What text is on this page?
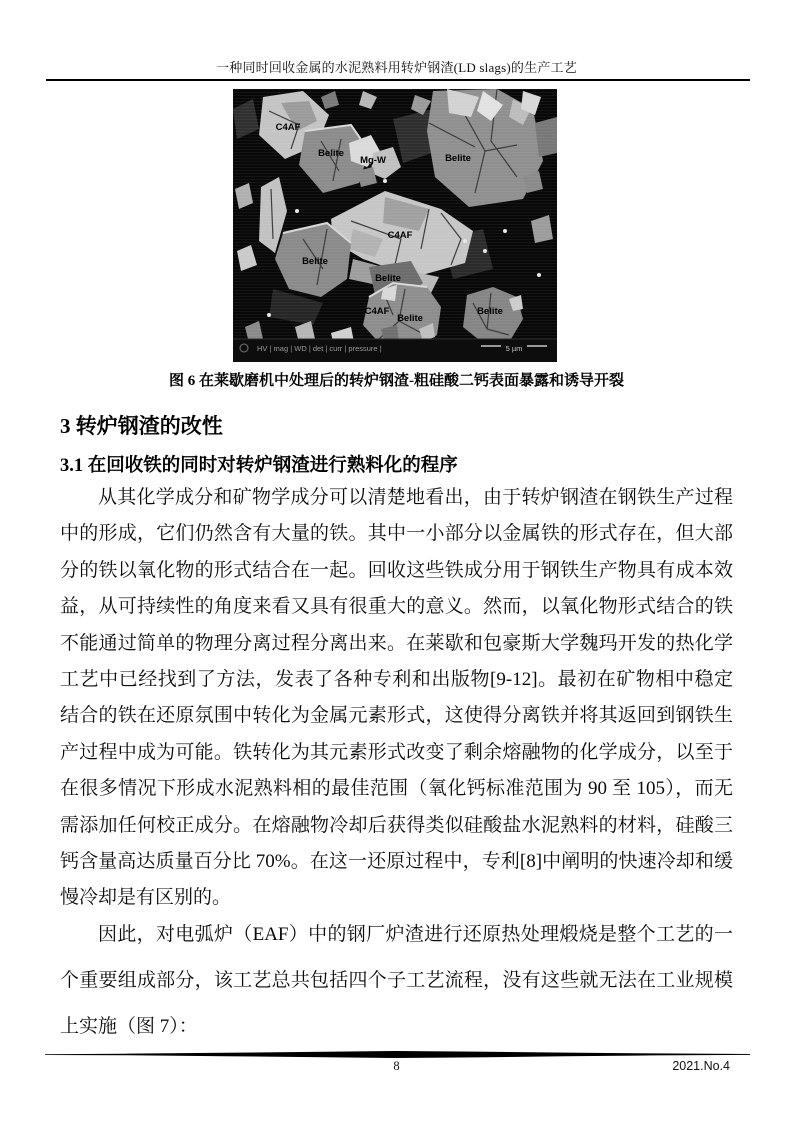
一种同时回收金属的水泥熟料用转炉钢渣(LD slags)的生产工艺
C4AF
Belite
Mg-W	Belite
C4AF
Belite
Belite
C4AF
Belite
Belite
HV | mag | WD | det | curr | pressure |	5 µm
图 6 在莱歇磨机中处理后的转炉钢渣-粗硅酸二钙表面暴露和诱导开裂
3 转炉钢渣的改性
3.1 在回收铁的同时对转炉钢渣进行熟料化的程序
从其化学成分和矿物学成分可以清楚地看出，由于转炉钢渣在钢铁生产过程中的形成，它们仍然含有大量的铁。其中一小部分以金属铁的形式存在，但大部分的铁以氧化物的形式结合在一起。回收这些铁成分用于钢铁生产物具有成本效益，从可持续性的角度来看又具有很重大的意义。然而，以氧化物形式结合的铁不能通过简单的物理分离过程分离出来。在莱歇和包豪斯大学魏玛开发的热化学工艺中已经找到了方法，发表了各种专利和出版物[9-12]。最初在矿物相中稳定结合的铁在还原氛围中转化为金属元素形式，这使得分离铁并将其返回到钢铁生产过程中成为可能。铁转化为其元素形式改变了剩余熔融物的化学成分，以至于在很多情况下形成水泥熟料相的最佳范围（氧化钙标准范围为 90 至 105），而无需添加任何校正成分。在熔融物冷却后获得类似硅酸盐水泥熟料的材料，硅酸三钙含量高达质量百分比 70%。在这一还原过程中，专利[8]中阐明的快速冷却和缓慢冷却是有区别的。
因此，对电弧炉（EAF）中的钢厂炉渣进行还原热处理煅烧是整个工艺的一个重要组成部分，该工艺总共包括四个子工艺流程，没有这些就无法在工业规模上实施（图 7）：
8	2021.No.4
